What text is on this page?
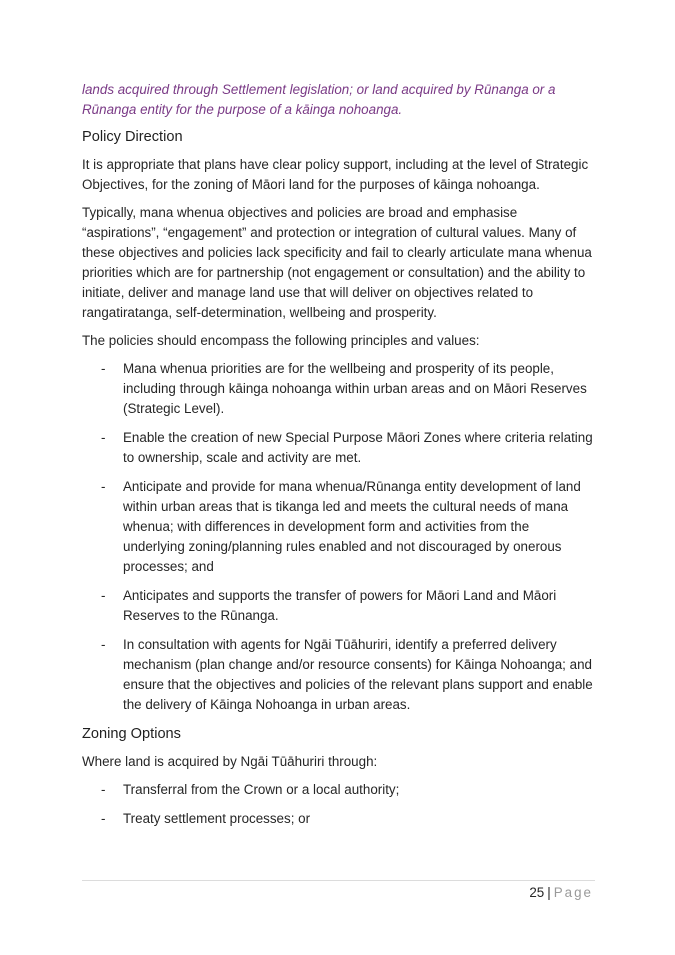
lands acquired through Settlement legislation; or land acquired by Rūnanga or a Rūnanga entity for the purpose of a kāinga nohoanga.

Policy Direction

It is appropriate that plans have clear policy support, including at the level of Strategic Objectives, for the zoning of Māori land for the purposes of kāinga nohoanga.

Typically, mana whenua objectives and policies are broad and emphasise “aspirations”, “engagement” and protection or integration of cultural values. Many of these objectives and policies lack specificity and fail to clearly articulate mana whenua priorities which are for partnership (not engagement or consultation) and the ability to initiate, deliver and manage land use that will deliver on objectives related to rangatiratanga, self-determination, wellbeing and prosperity.

The policies should encompass the following principles and values:

- Mana whenua priorities are for the wellbeing and prosperity of its people, including through kāinga nohoanga within urban areas and on Māori Reserves (Strategic Level).
- Enable the creation of new Special Purpose Māori Zones where criteria relating to ownership, scale and activity are met.
- Anticipate and provide for mana whenua/Rūnanga entity development of land within urban areas that is tikanga led and meets the cultural needs of mana whenua; with differences in development form and activities from the underlying zoning/planning rules enabled and not discouraged by onerous processes; and
- Anticipates and supports the transfer of powers for Māori Land and Māori Reserves to the Rūnanga.
- In consultation with agents for Ngāi Tūāhuriri, identify a preferred delivery mechanism (plan change and/or resource consents) for Kāinga Nohoanga; and ensure that the objectives and policies of the relevant plans support and enable the delivery of Kāinga Nohoanga in urban areas.
Zoning Options

Where land is acquired by Ngāi Tūāhuriri through:

- Transferral from the Crown or a local authority;
- Treaty settlement processes; or
25 | Page
